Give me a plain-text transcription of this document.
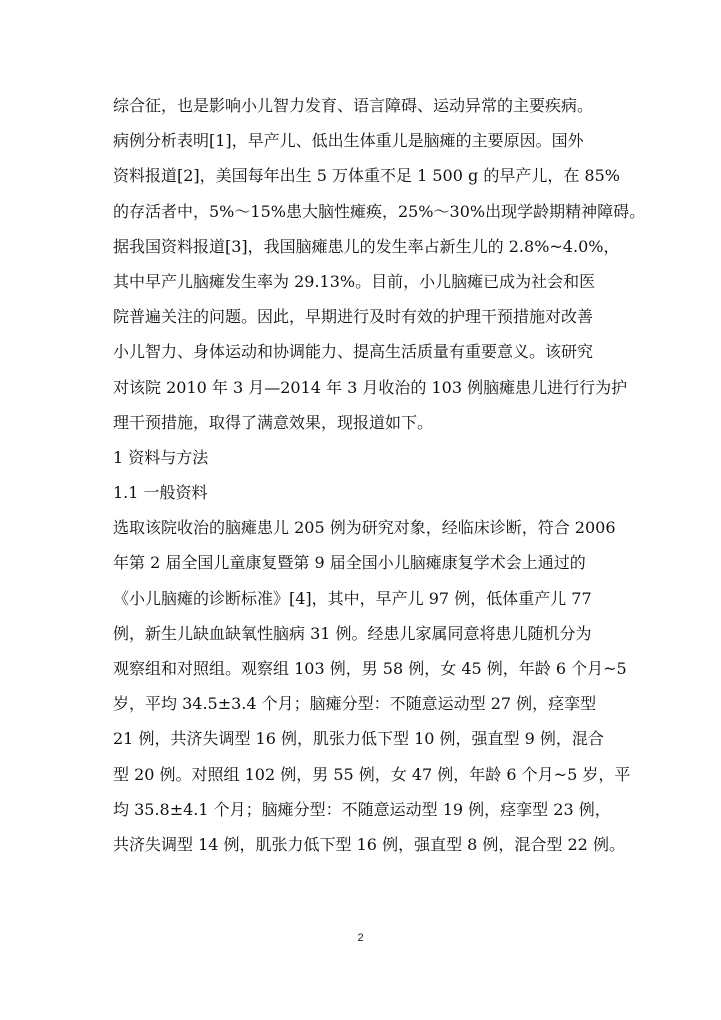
综合征，也是影响小儿智力发育、语言障碍、运动异常的主要疾病。
病例分析表明[1]，早产儿、低出生体重儿是脑瘫的主要原因。国外
资料报道[2]，美国每年出生 5 万体重不足 1 500 g 的早产儿，在 85%
的存活者中，5%～15%患大脑性瘫痪，25%～30%出现学龄期精神障碍。
据我国资料报道[3]，我国脑瘫患儿的发生率占新生儿的 2.8%~4.0%，
其中早产儿脑瘫发生率为 29.13%。目前，小儿脑瘫已成为社会和医
院普遍关注的问题。因此，早期进行及时有效的护理干预措施对改善
小儿智力、身体运动和协调能力、提高生活质量有重要意义。该研究
对该院 2010 年 3 月—2014 年 3 月收治的 103 例脑瘫患儿进行行为护
理干预措施，取得了满意效果，现报道如下。
1 资料与方法
1.1 一般资料
选取该院收治的脑瘫患儿 205 例为研究对象，经临床诊断，符合 2006
年第 2 届全国儿童康复暨第 9 届全国小儿脑瘫康复学术会上通过的
《小儿脑瘫的诊断标准》[4]，其中，早产儿 97 例，低体重产儿 77
例，新生儿缺血缺氧性脑病 31 例。经患儿家属同意将患儿随机分为
观察组和对照组。观察组 103 例，男 58 例，女 45 例，年龄 6 个月~5
岁，平均 34.5±3.4 个月；脑瘫分型：不随意运动型 27 例，痉挛型
21 例，共济失调型 16 例，肌张力低下型 10 例，强直型 9 例，混合
型 20 例。对照组 102 例，男 55 例，女 47 例，年龄 6 个月~5 岁，平
均 35.8±4.1 个月；脑瘫分型：不随意运动型 19 例，痉挛型 23 例，
共济失调型 14 例，肌张力低下型 16 例，强直型 8 例，混合型 22 例。
2
